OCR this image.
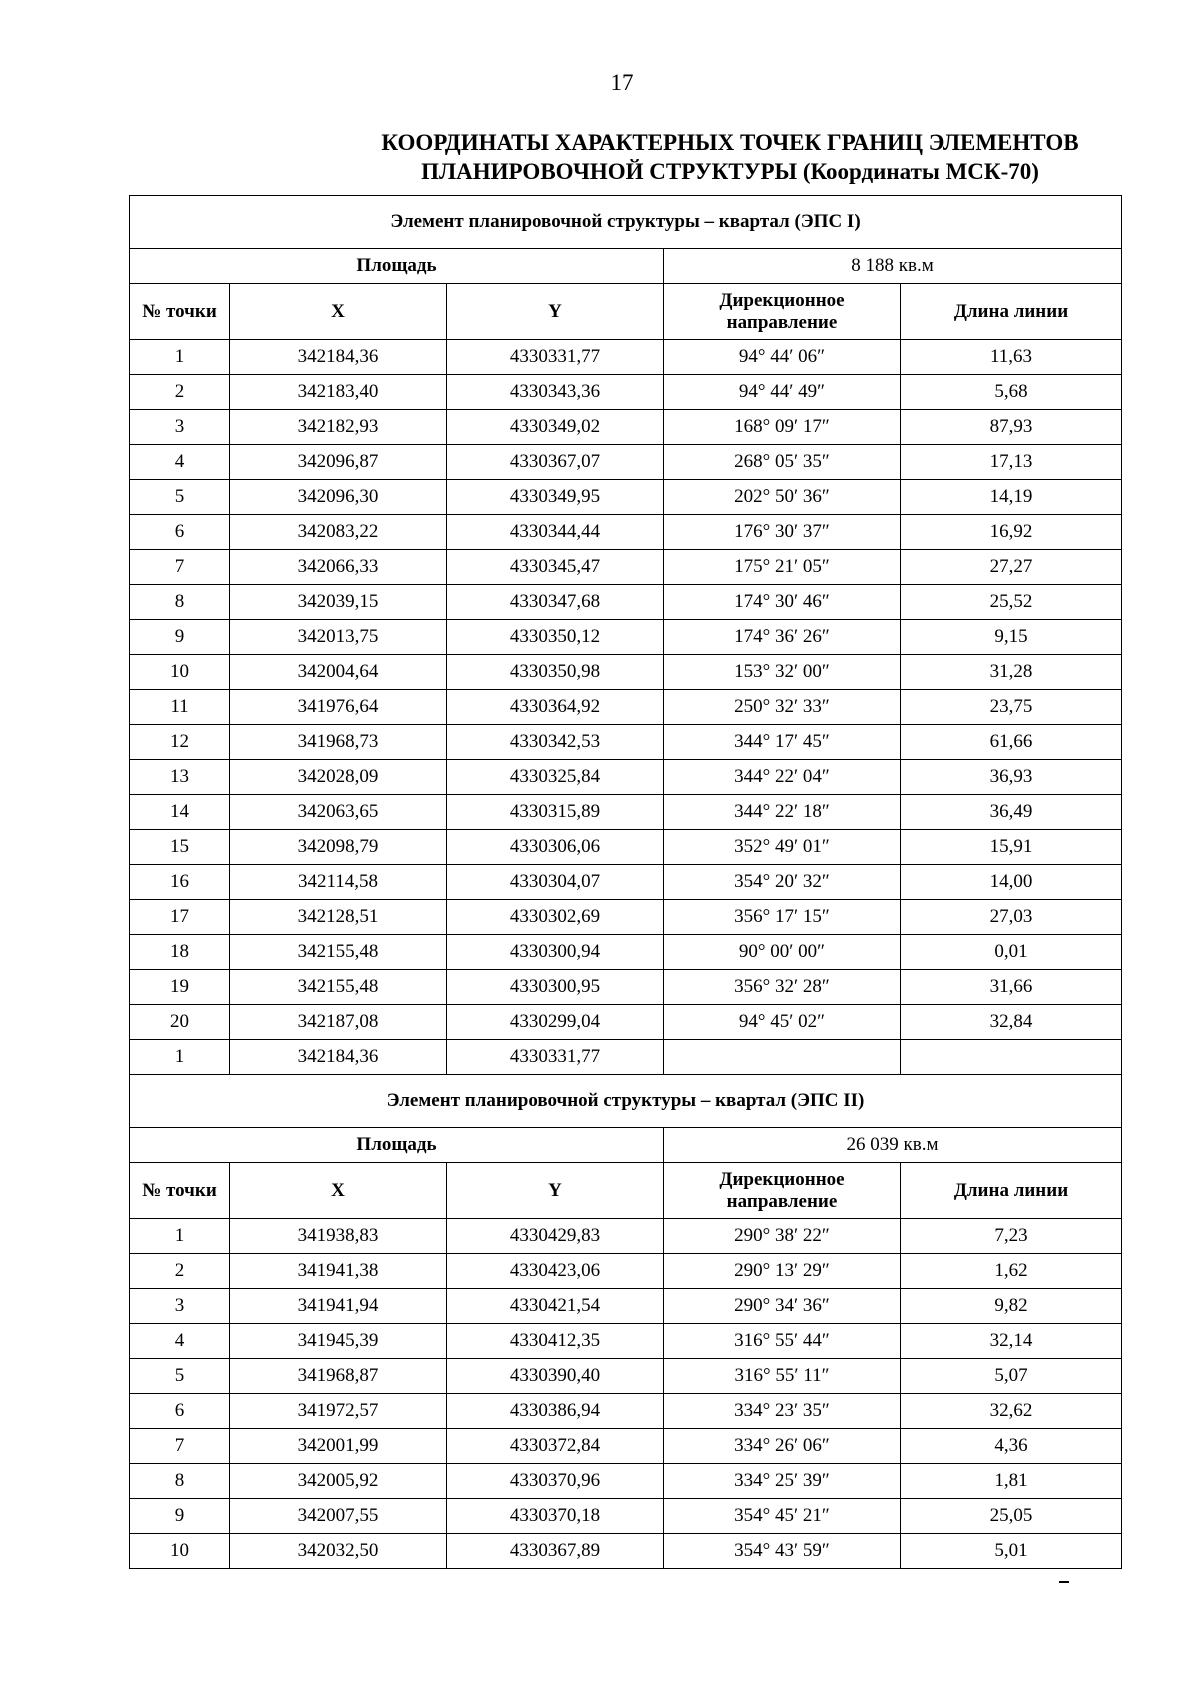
17
КООРДИНАТЫ ХАРАКТЕРНЫХ ТОЧЕК ГРАНИЦ ЭЛЕМЕНТОВ
ПЛАНИРОВОЧНОЙ СТРУКТУРЫ (Координаты МСК-70)
Элемент планировочной структуры – квартал (ЭПС I)				
Площадь			8 188 кв.м	
№ точки	X	Y	Дирекционное направление	Длина линии
1	342184,36	4330331,77	94° 44′ 06″	11,63
2	342183,40	4330343,36	94° 44′ 49″	5,68
3	342182,93	4330349,02	168° 09′ 17″	87,93
4	342096,87	4330367,07	268° 05′ 35″	17,13
5	342096,30	4330349,95	202° 50′ 36″	14,19
6	342083,22	4330344,44	176° 30′ 37″	16,92
7	342066,33	4330345,47	175° 21′ 05″	27,27
8	342039,15	4330347,68	174° 30′ 46″	25,52
9	342013,75	4330350,12	174° 36′ 26″	9,15
10	342004,64	4330350,98	153° 32′ 00″	31,28
11	341976,64	4330364,92	250° 32′ 33″	23,75
12	341968,73	4330342,53	344° 17′ 45″	61,66
13	342028,09	4330325,84	344° 22′ 04″	36,93
14	342063,65	4330315,89	344° 22′ 18″	36,49
15	342098,79	4330306,06	352° 49′ 01″	15,91
16	342114,58	4330304,07	354° 20′ 32″	14,00
17	342128,51	4330302,69	356° 17′ 15″	27,03
18	342155,48	4330300,94	90° 00′ 00″	0,01
19	342155,48	4330300,95	356° 32′ 28″	31,66
20	342187,08	4330299,04	94° 45′ 02″	32,84
1	342184,36	4330331,77		
Элемент планировочной структуры – квартал (ЭПС II)				
Площадь			26 039 кв.м	
№ точки	X	Y	Дирекционное направление	Длина линии
1	341938,83	4330429,83	290° 38′ 22″	7,23
2	341941,38	4330423,06	290° 13′ 29″	1,62
3	341941,94	4330421,54	290° 34′ 36″	9,82
4	341945,39	4330412,35	316° 55′ 44″	32,14
5	341968,87	4330390,40	316° 55′ 11″	5,07
6	341972,57	4330386,94	334° 23′ 35″	32,62
7	342001,99	4330372,84	334° 26′ 06″	4,36
8	342005,92	4330370,96	334° 25′ 39″	1,81
9	342007,55	4330370,18	354° 45′ 21″	25,05
10	342032,50	4330367,89	354° 43′ 59″	5,01
